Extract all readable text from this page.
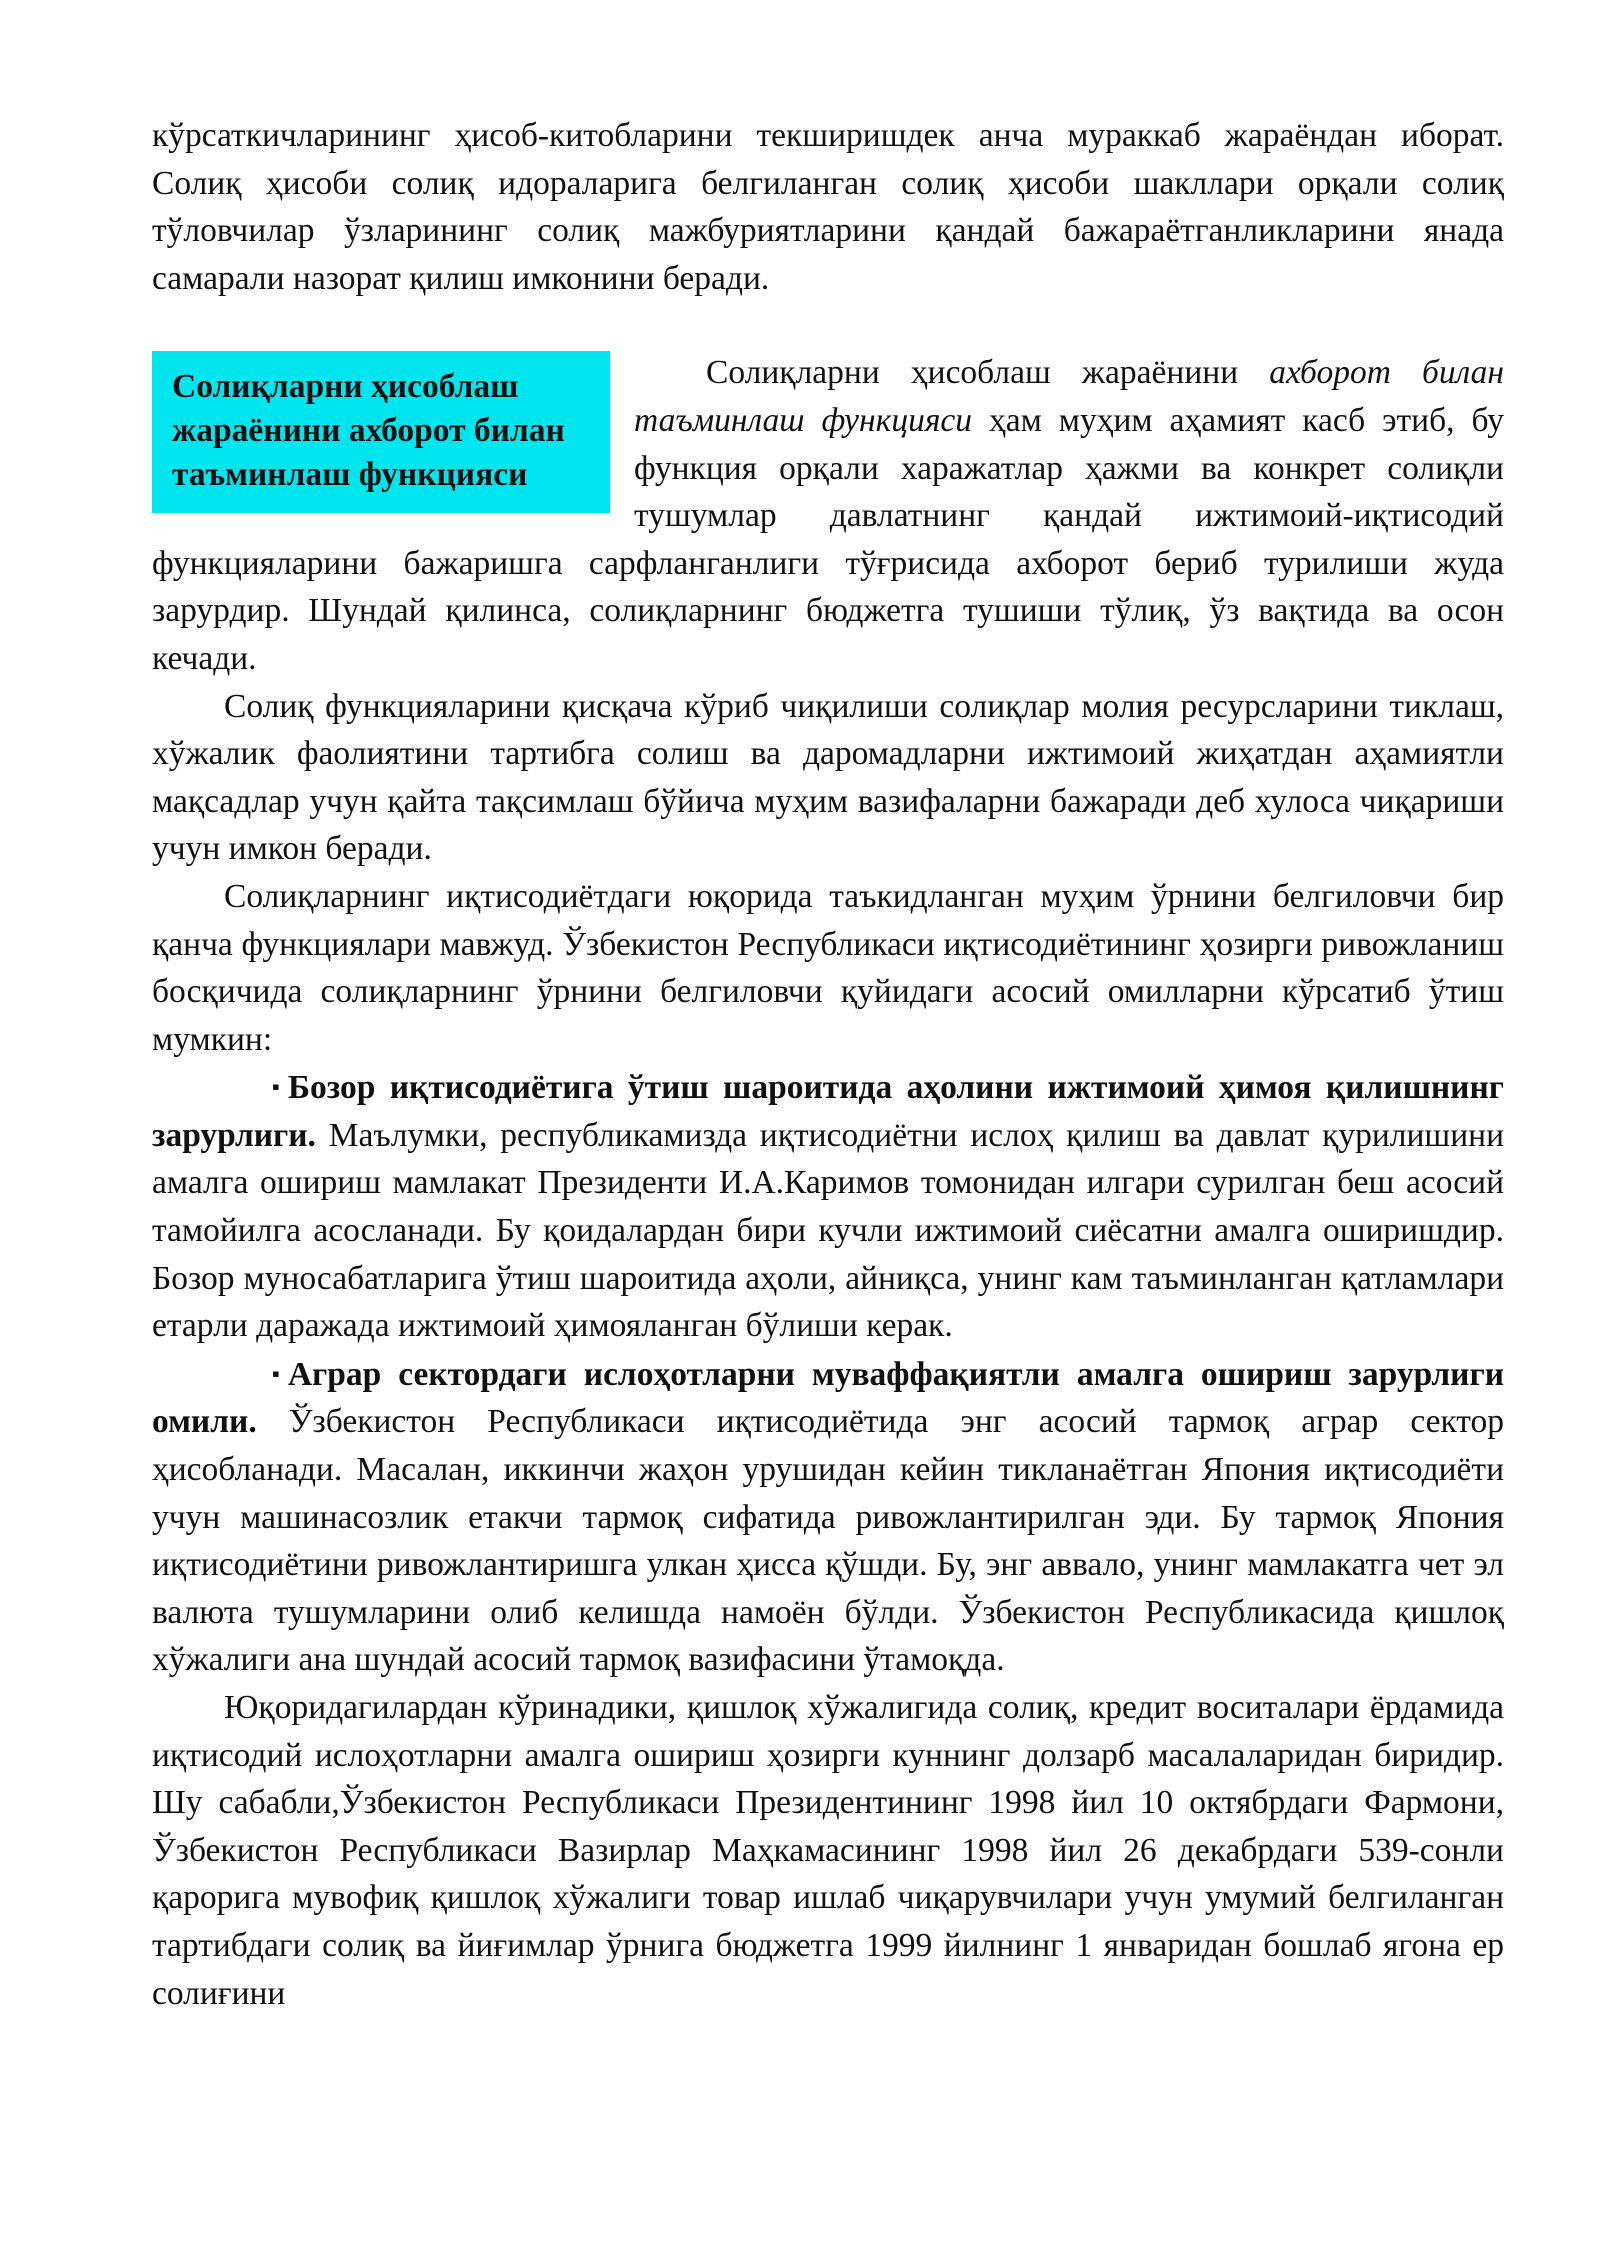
кўрсаткичларининг ҳисоб-китобларини текширишдек анча мураккаб жараёндан иборат. Солиқ ҳисоби солиқ идораларига белгиланган солиқ ҳисоби шакллари орқали солиқ тўловчилар ўзларининг солиқ мажбуриятларини қандай бажараётганликларини янада самарали назорат қилиш имконини беради.

Солиқларни ҳисоблаш жараёнини ахборот билан таъминлаш функцияси

Солиқларни ҳисоблаш жараёнини ахборот билан таъминлаш функцияси ҳам муҳим аҳамият касб этиб, бу функция орқали харажатлар ҳажми ва конкрет солиқли тушумлар давлатнинг қандай ижтимоий-иқтисодий функцияларини бажаришга сарфланганлиги тўғрисида ахборот бериб турилиши жуда зарурдир. Шундай қилинса, солиқларнинг бюджетга тушиши тўлиқ, ўз вақтида ва осон кечади.

Солиқ функцияларини қисқача кўриб чиқилиши солиқлар молия ресурсларини тиклаш, хўжалик фаолиятини тартибга солиш ва даромадларни ижтимоий жиҳатдан аҳамиятли мақсадлар учун қайта тақсимлаш бўйича муҳим вазифаларни бажаради деб хулоса чиқариши учун имкон беради.

Солиқларнинг иқтисодиётдаги юқорида таъкидланган муҳим ўрнини белгиловчи бир қанча функциялари мавжуд. Ўзбекистон Республикаси иқтисодиётининг ҳозирги ривожланиш босқичида солиқларнинг ўрнини белгиловчи қуйидаги асосий омилларни кўрсатиб ўтиш мумкин:

▪ Бозор иқтисодиётига ўтиш шароитида аҳолини ижтимоий ҳимоя қилишнинг зарурлиги. Маълумки, республикамизда иқтисодиётни ислоҳ қилиш ва давлат қурилишини амалга ошириш мамлакат Президенти И.А.Каримов томонидан илгари сурилган беш асосий тамойилга асосланади. Бу қоидалардан бири кучли ижтимоий сиёсатни амалга оширишдир. Бозор муносабатларига ўтиш шароитида аҳоли, айниқса, унинг кам таъминланган қатламлари етарли даражада ижтимоий ҳимояланган бўлиши керак.

▪ Аграр сектордаги ислоҳотларни муваффақиятли амалга ошириш зарурлиги омили. Ўзбекистон Республикаси иқтисодиётида энг асосий тармоқ аграр сектор ҳисобланади. Масалан, иккинчи жаҳон урушидан кейин тикланаётган Япония иқтисодиёти учун машинасозлик етакчи тармоқ сифатида ривожлантирилган эди. Бу тармоқ Япония иқтисодиётини ривожлантиришга улкан ҳисса қўшди. Бу, энг аввало, унинг мамлакатга чет эл валюта тушумларини олиб келишда намоён бўлди. Ўзбекистон Республикасида қишлоқ хўжалиги ана шундай асосий тармоқ вазифасини ўтамоқда.

Юқоридагилардан кўринадики, қишлоқ хўжалигида солиқ, кредит воситалари ёрдамида иқтисодий ислоҳотларни амалга ошириш ҳозирги куннинг долзарб масалаларидан биридир. Шу сабабли,Ўзбекистон Республикаси Президентининг 1998 йил 10 октябрдаги Фармони, Ўзбекистон Республикаси Вазирлар Маҳкамасининг 1998 йил 26 декабрдаги 539-сонли қарорига мувофиқ қишлоқ хўжалиги товар ишлаб чиқарувчилари учун умумий белгиланган тартибдаги солиқ ва йиғимлар ўрнига бюджетга 1999 йилнинг 1 январидан бошлаб ягона ер солиғини
